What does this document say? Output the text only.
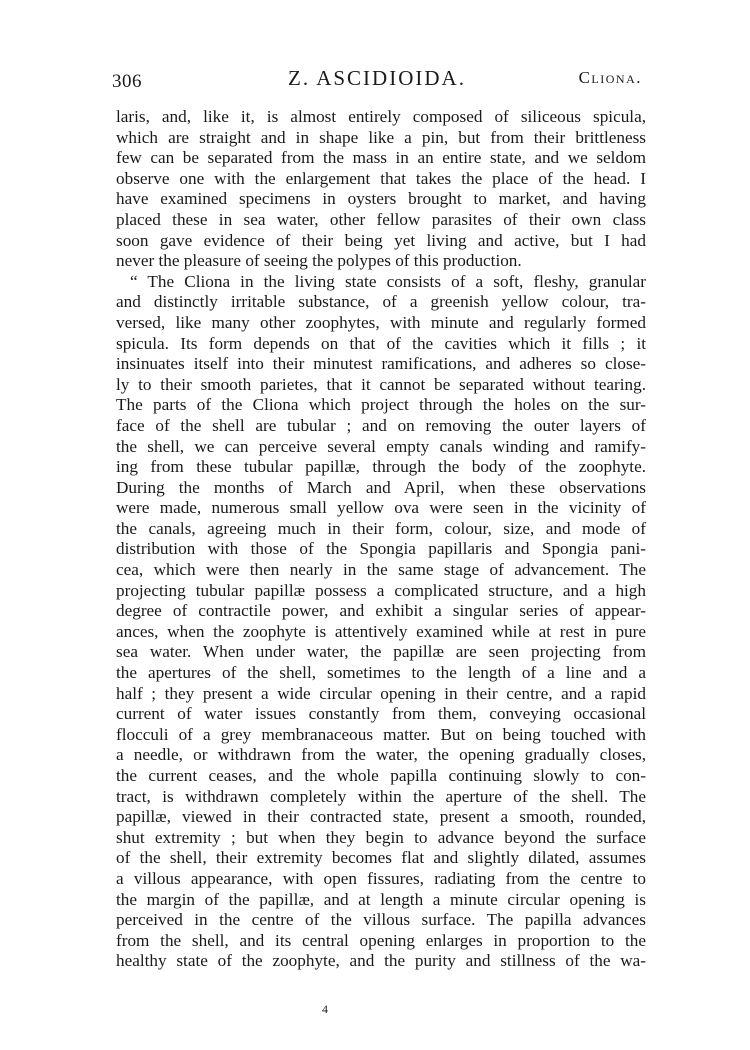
306	Z. ASCIDIOIDA.	Cliona.
laris, and, like it, is almost entirely composed of siliceous spicula,
which are straight and in shape like a pin, but from their brittleness
few can be separated from the mass in an entire state, and we seldom
observe one with the enlargement that takes the place of the head. I
have examined specimens in oysters brought to market, and having
placed these in sea water, other fellow parasites of their own class
soon gave evidence of their being yet living and active, but I had
never the pleasure of seeing the polypes of this production.
“ The Cliona in the living state consists of a soft, fleshy, granular
and distinctly irritable substance, of a greenish yellow colour, tra-
versed, like many other zoophytes, with minute and regularly formed
spicula. Its form depends on that of the cavities which it fills ; it
insinuates itself into their minutest ramifications, and adheres so close-
ly to their smooth parietes, that it cannot be separated without tearing.
The parts of the Cliona which project through the holes on the sur-
face of the shell are tubular ; and on removing the outer layers of
the shell, we can perceive several empty canals winding and ramify-
ing from these tubular papillæ, through the body of the zoophyte.
During the months of March and April, when these observations
were made, numerous small yellow ova were seen in the vicinity of
the canals, agreeing much in their form, colour, size, and mode of
distribution with those of the Spongia papillaris and Spongia pani-
cea, which were then nearly in the same stage of advancement. The
projecting tubular papillæ possess a complicated structure, and a high
degree of contractile power, and exhibit a singular series of appear-
ances, when the zoophyte is attentively examined while at rest in pure
sea water. When under water, the papillæ are seen projecting from
the apertures of the shell, sometimes to the length of a line and a
half ; they present a wide circular opening in their centre, and a rapid
current of water issues constantly from them, conveying occasional
flocculi of a grey membranaceous matter. But on being touched with
a needle, or withdrawn from the water, the opening gradually closes,
the current ceases, and the whole papilla continuing slowly to con-
tract, is withdrawn completely within the aperture of the shell. The
papillæ, viewed in their contracted state, present a smooth, rounded,
shut extremity ; but when they begin to advance beyond the surface
of the shell, their extremity becomes flat and slightly dilated, assumes
a villous appearance, with open fissures, radiating from the centre to
the margin of the papillæ, and at length a minute circular opening is
perceived in the centre of the villous surface. The papilla advances
from the shell, and its central opening enlarges in proportion to the
healthy state of the zoophyte, and the purity and stillness of the wa-
4
